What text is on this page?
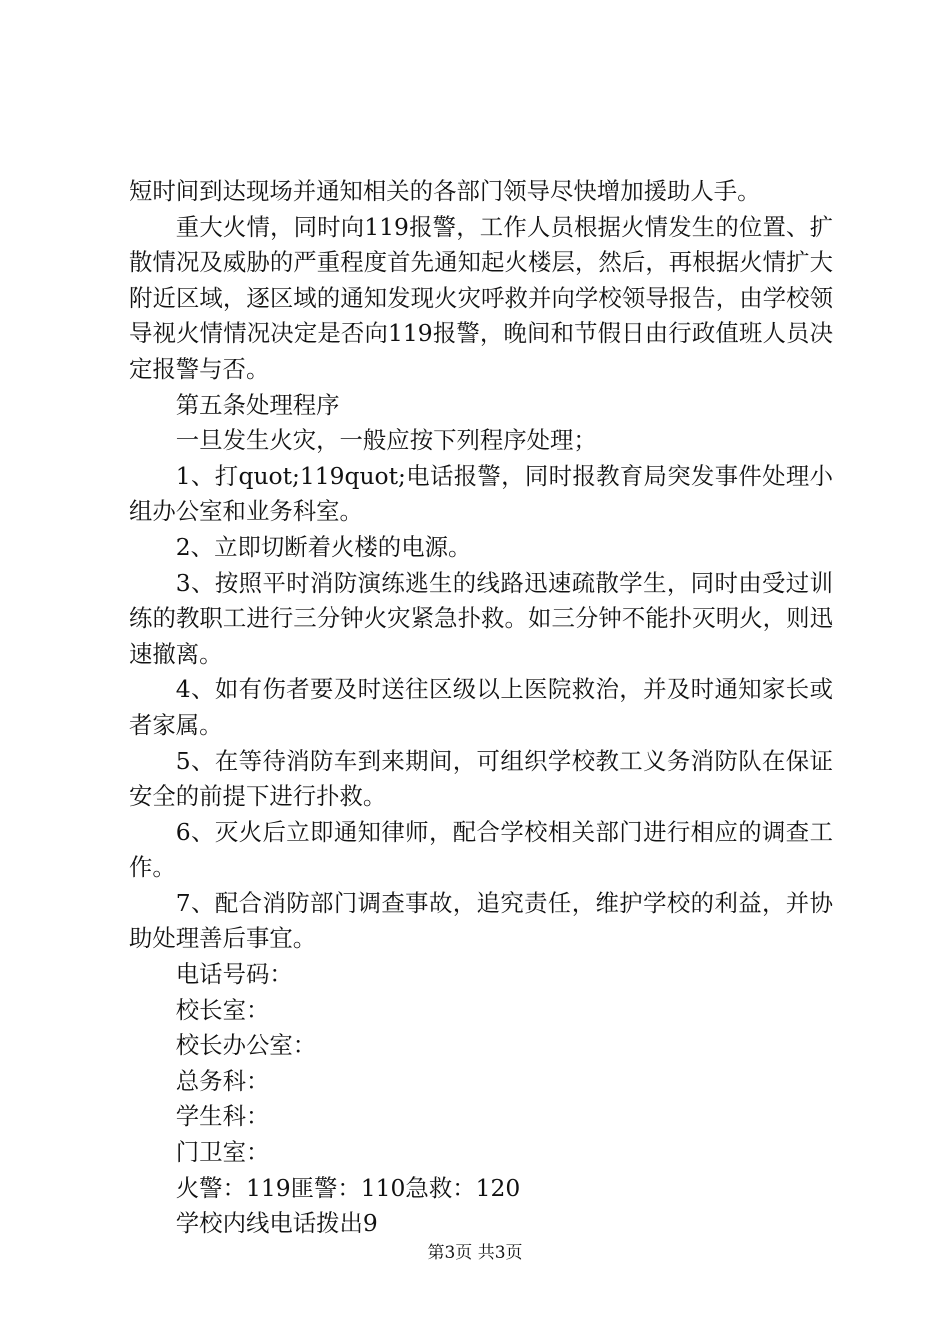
短时间到达现场并通知相关的各部门领导尽快增加援助人手。

重大火情，同时向119报警，工作人员根据火情发生的位置、扩散情况及威胁的严重程度首先通知起火楼层，然后，再根据火情扩大附近区域，逐区域的通知发现火灾呼救并向学校领导报告，由学校领导视火情情况决定是否向119报警，晚间和节假日由行政值班人员决定报警与否。

第五条处理程序

一旦发生火灾，一般应按下列程序处理；

1、打quot;119quot;电话报警，同时报教育局突发事件处理小组办公室和业务科室。

2、立即切断着火楼的电源。

3、按照平时消防演练逃生的线路迅速疏散学生，同时由受过训练的教职工进行三分钟火灾紧急扑救。如三分钟不能扑灭明火，则迅速撤离。

4、如有伤者要及时送往区级以上医院救治，并及时通知家长或者家属。

5、在等待消防车到来期间，可组织学校教工义务消防队在保证安全的前提下进行扑救。

6、灭火后立即通知律师，配合学校相关部门进行相应的调查工作。

7、配合消防部门调查事故，追究责任，维护学校的利益，并协助处理善后事宜。

电话号码：

校长室：

校长办公室：

总务科：

学生科：

门卫室：

火警：119匪警：110急救：120

学校内线电话拨出9

第3页 共3页
